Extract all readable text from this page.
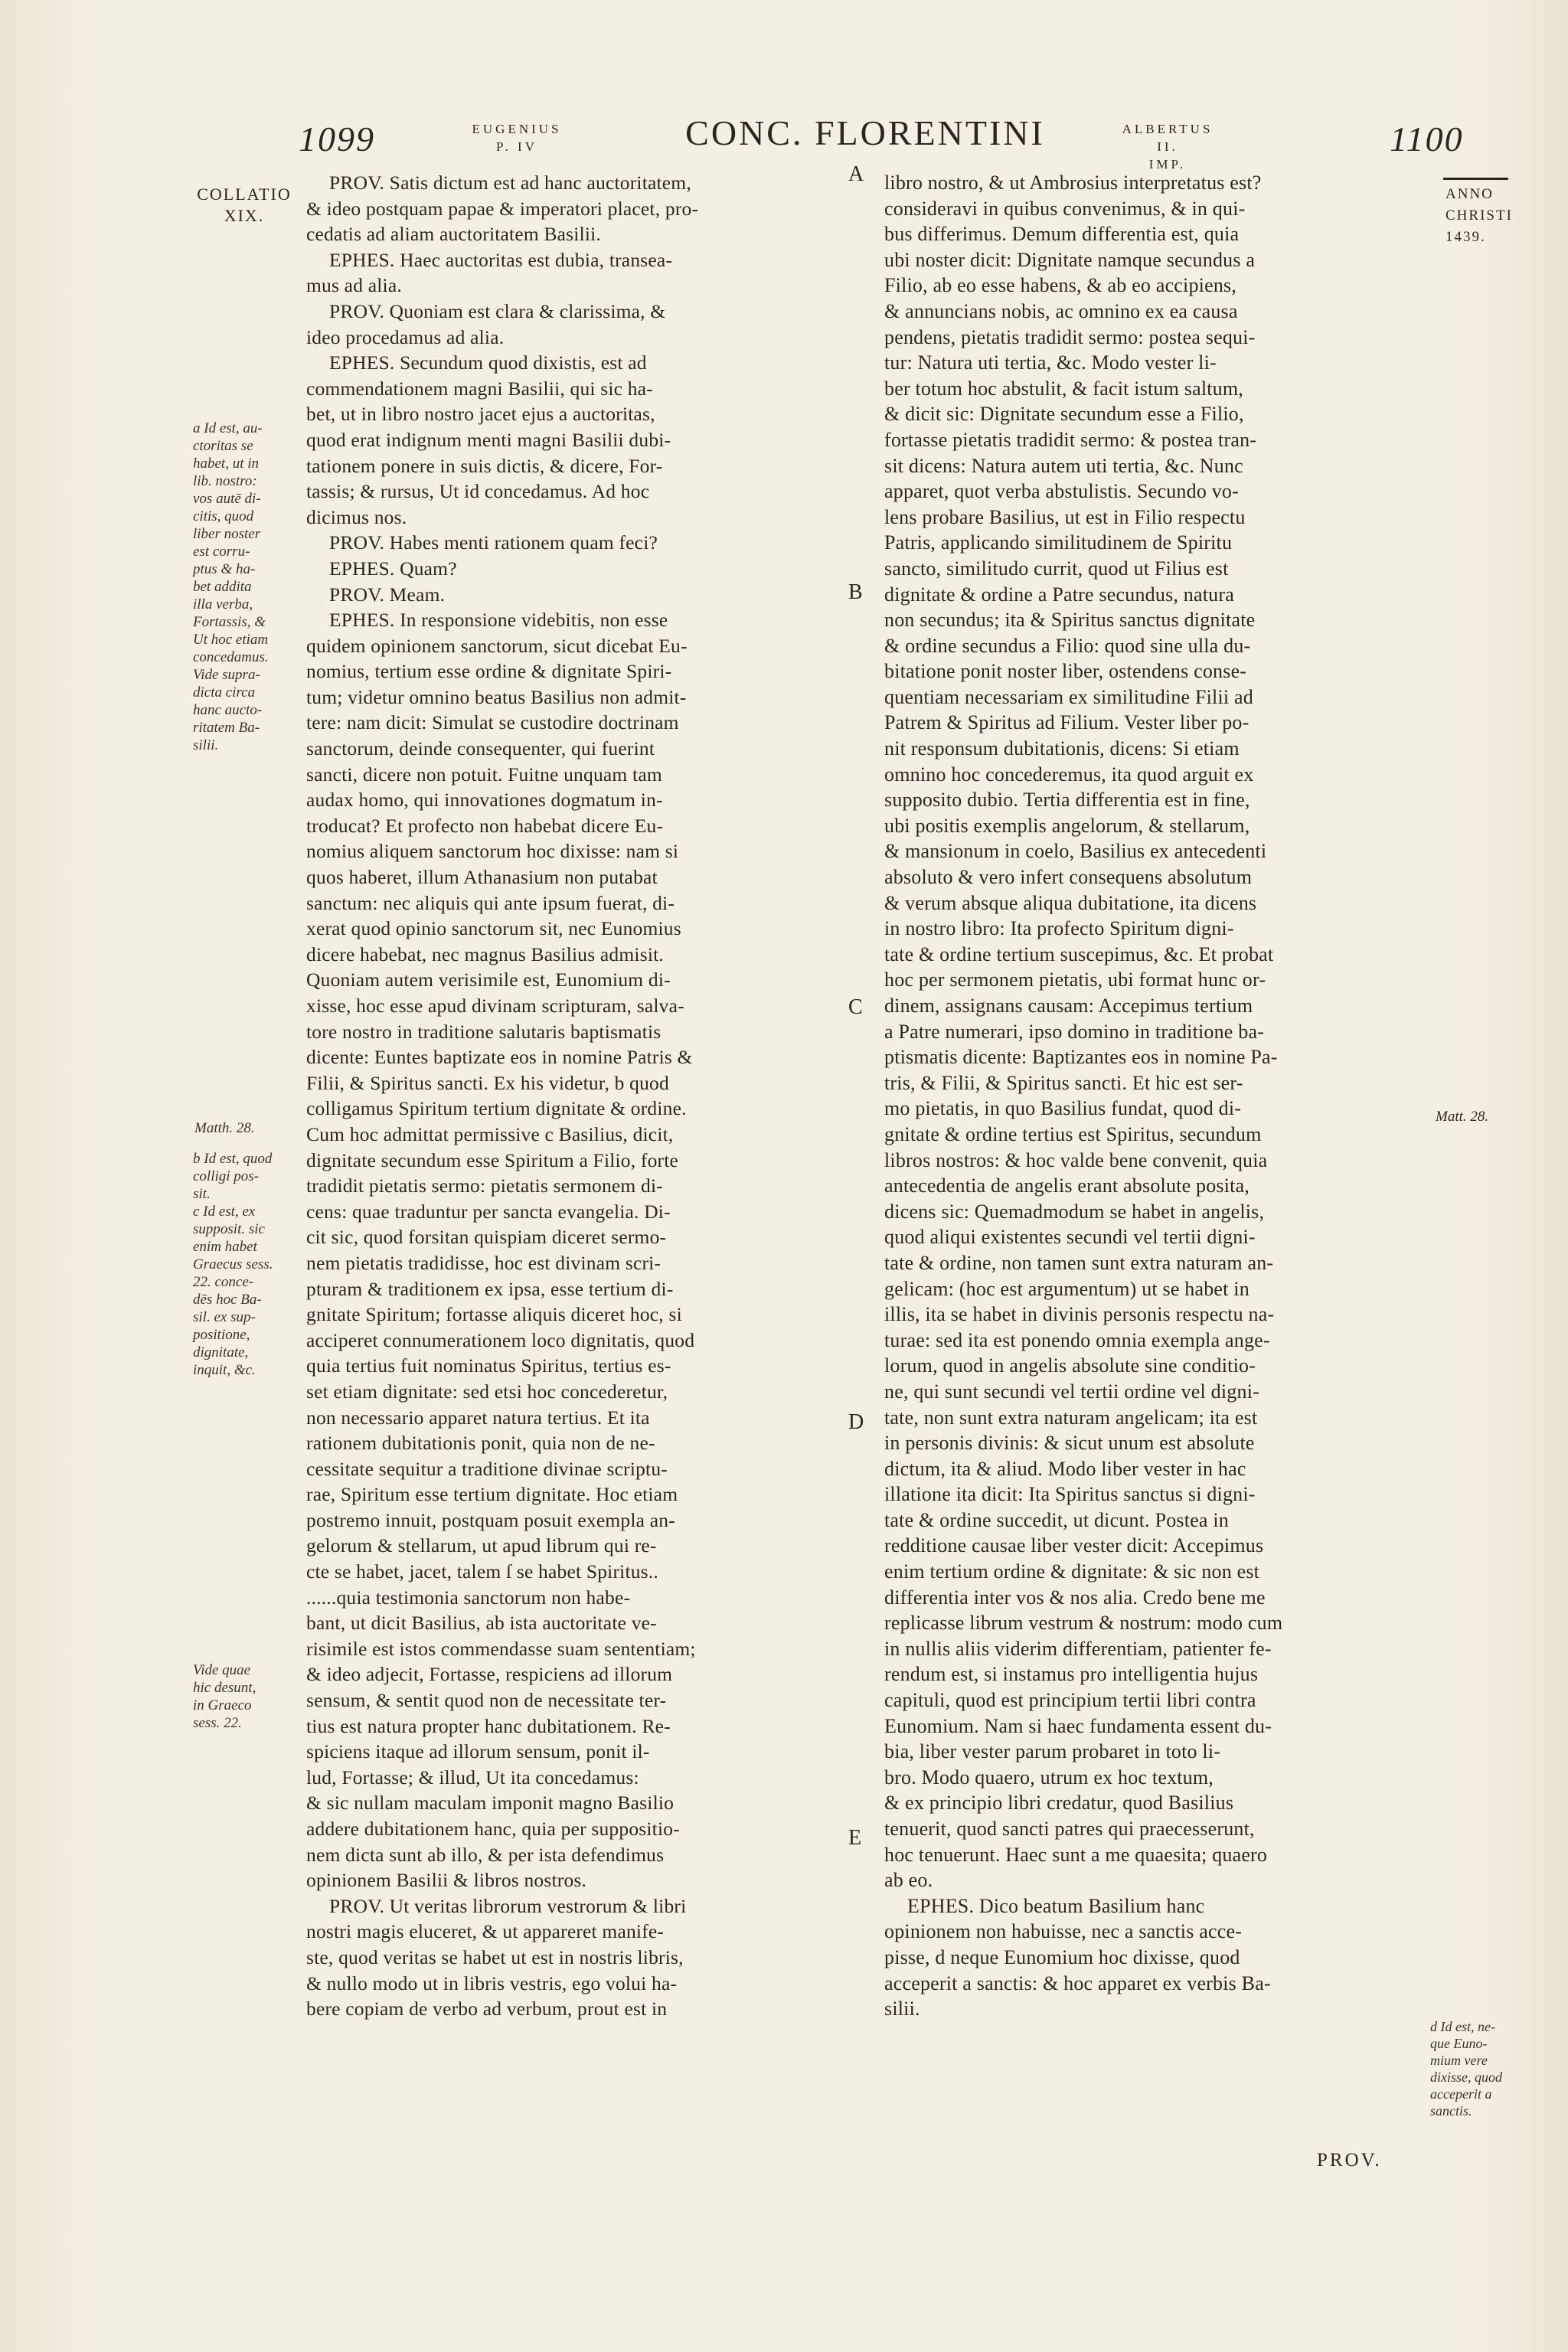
1099	EUGENIUS
P. IV	CONC. FLORENTINI	ALBERTUS II.
IMP.
1100
ANNO
CHRISTI
1439.
COLLATIO
XIX.
a Id est, au-
ctoritas se
habet, ut in
lib. nostro:
vos autē di-
citis, quod
liber noster
est corru-
ptus & ha-
bet addita
illa verba,
Fortassis, &
Ut hoc etiam
concedamus.
Vide supra-
dicta circa
hanc aucto-
ritatem Ba-
silii.
Matth. 28.
b Id est, quod
colligi pos-
sit.
c Id est, ex
supposit. sic
enim habet
Graecus sess.
22. conce-
dēs hoc Ba-
sil. ex sup-
positione,
dignitate,
inquit, &c.
Vide quae
hic desunt,
in Graeco
sess. 22.
Matt. 28.
d Id est, ne-
que Euno-
mium vere
dixisse, quod
acceperit a
sanctis.
A
B
C
D
E
PROV. Satis dictum est ad hanc auctoritatem,
& ideo postquam papae & imperatori placet, pro-
cedatis ad aliam auctoritatem Basilii.
EPHES. Haec auctoritas est dubia, transea-
mus ad alia.
PROV. Quoniam est clara & clarissima, &
ideo procedamus ad alia.
EPHES. Secundum quod dixistis, est ad
commendationem magni Basilii, qui sic ha-
bet, ut in libro nostro jacet ejus a auctoritas,
quod erat indignum menti magni Basilii dubi-
tationem ponere in suis dictis, & dicere, For-
tassis; & rursus, Ut id concedamus. Ad hoc
dicimus nos.
PROV. Habes menti rationem quam feci?
EPHES. Quam?
PROV. Meam.
EPHES. In responsione videbitis, non esse
quidem opinionem sanctorum, sicut dicebat Eu-
nomius, tertium esse ordine & dignitate Spiri-
tum; videtur omnino beatus Basilius non admit-
tere: nam dicit: Simulat se custodire doctrinam
sanctorum, deinde consequenter, qui fuerint
sancti, dicere non potuit. Fuitne unquam tam
audax homo, qui innovationes dogmatum in-
troducat? Et profecto non habebat dicere Eu-
nomius aliquem sanctorum hoc dixisse: nam si
quos haberet, illum Athanasium non putabat
sanctum: nec aliquis qui ante ipsum fuerat, di-
xerat quod opinio sanctorum sit, nec Eunomius
dicere habebat, nec magnus Basilius admisit.
Quoniam autem verisimile est, Eunomium di-
xisse, hoc esse apud divinam scripturam, salva-
tore nostro in traditione salutaris baptismatis
dicente: Euntes baptizate eos in nomine Patris &
Filii, & Spiritus sancti. Ex his videtur, b quod
colligamus Spiritum tertium dignitate & ordine.
Cum hoc admittat permissive c Basilius, dicit,
dignitate secundum esse Spiritum a Filio, forte
tradidit pietatis sermo: pietatis sermonem di-
cens: quae traduntur per sancta evangelia. Di-
cit sic, quod forsitan quispiam diceret sermo-
nem pietatis tradidisse, hoc est divinam scri-
pturam & traditionem ex ipsa, esse tertium di-
gnitate Spiritum; fortasse aliquis diceret hoc, si
acciperet connumerationem loco dignitatis, quod
quia tertius fuit nominatus Spiritus, tertius es-
set etiam dignitate: sed etsi hoc concederetur,
non necessario apparet natura tertius. Et ita
rationem dubitationis ponit, quia non de ne-
cessitate sequitur a traditione divinae scriptu-
rae, Spiritum esse tertium dignitate. Hoc etiam
postremo innuit, postquam posuit exempla an-
gelorum & stellarum, ut apud librum qui re-
cte se habet, jacet, talem ſ se habet Spiritus..
......quia testimonia sanctorum non habe-
bant, ut dicit Basilius, ab ista auctoritate ve-
risimile est istos commendasse suam sententiam;
& ideo adjecit, Fortasse, respiciens ad illorum
sensum, & sentit quod non de necessitate ter-
tius est natura propter hanc dubitationem. Re-
spiciens itaque ad illorum sensum, ponit il-
lud, Fortasse; & illud, Ut ita concedamus:
& sic nullam maculam imponit magno Basilio
addere dubitationem hanc, quia per suppositio-
nem dicta sunt ab illo, & per ista defendimus
opinionem Basilii & libros nostros.
PROV. Ut veritas librorum vestrorum & libri
nostri magis eluceret, & ut appareret manife-
ste, quod veritas se habet ut est in nostris libris,
& nullo modo ut in libris vestris, ego volui ha-
bere copiam de verbo ad verbum, prout est in
libro nostro, & ut Ambrosius interpretatus est?
consideravi in quibus convenimus, & in qui-
bus differimus. Demum differentia est, quia
ubi noster dicit: Dignitate namque secundus a
Filio, ab eo esse habens, & ab eo accipiens,
& annuncians nobis, ac omnino ex ea causa
pendens, pietatis tradidit sermo: postea sequi-
tur: Natura uti tertia, &c. Modo vester li-
ber totum hoc abstulit, & facit istum saltum,
& dicit sic: Dignitate secundum esse a Filio,
fortasse pietatis tradidit sermo: & postea tran-
sit dicens: Natura autem uti tertia, &c. Nunc
apparet, quot verba abstulistis. Secundo vo-
lens probare Basilius, ut est in Filio respectu
Patris, applicando similitudinem de Spiritu
sancto, similitudo currit, quod ut Filius est
dignitate & ordine a Patre secundus, natura
non secundus; ita & Spiritus sanctus dignitate
& ordine secundus a Filio: quod sine ulla du-
bitatione ponit noster liber, ostendens conse-
quentiam necessariam ex similitudine Filii ad
Patrem & Spiritus ad Filium. Vester liber po-
nit responsum dubitationis, dicens: Si etiam
omnino hoc concederemus, ita quod arguit ex
supposito dubio. Tertia differentia est in fine,
ubi positis exemplis angelorum, & stellarum,
& mansionum in coelo, Basilius ex antecedenti
absoluto & vero infert consequens absolutum
& verum absque aliqua dubitatione, ita dicens
in nostro libro: Ita profecto Spiritum digni-
tate & ordine tertium suscepimus, &c. Et probat
hoc per sermonem pietatis, ubi format hunc or-
dinem, assignans causam: Accepimus tertium
a Patre numerari, ipso domino in traditione ba-
ptismatis dicente: Baptizantes eos in nomine Pa-
tris, & Filii, & Spiritus sancti. Et hic est ser-
mo pietatis, in quo Basilius fundat, quod di-
gnitate & ordine tertius est Spiritus, secundum
libros nostros: & hoc valde bene convenit, quia
antecedentia de angelis erant absolute posita,
dicens sic: Quemadmodum se habet in angelis,
quod aliqui existentes secundi vel tertii digni-
tate & ordine, non tamen sunt extra naturam an-
gelicam: (hoc est argumentum) ut se habet in
illis, ita se habet in divinis personis respectu na-
turae: sed ita est ponendo omnia exempla ange-
lorum, quod in angelis absolute sine conditio-
ne, qui sunt secundi vel tertii ordine vel digni-
tate, non sunt extra naturam angelicam; ita est
in personis divinis: & sicut unum est absolute
dictum, ita & aliud. Modo liber vester in hac
illatione ita dicit: Ita Spiritus sanctus si digni-
tate & ordine succedit, ut dicunt. Postea in
redditione causae liber vester dicit: Accepimus
enim tertium ordine & dignitate: & sic non est
differentia inter vos & nos alia. Credo bene me
replicasse librum vestrum & nostrum: modo cum
in nullis aliis viderim differentiam, patienter fe-
rendum est, si instamus pro intelligentia hujus
capituli, quod est principium tertii libri contra
Eunomium. Nam si haec fundamenta essent du-
bia, liber vester parum probaret in toto li-
bro. Modo quaero, utrum ex hoc textum,
& ex principio libri credatur, quod Basilius
tenuerit, quod sancti patres qui praecesserunt,
hoc tenuerunt. Haec sunt a me quaesita; quaero
ab eo.
EPHES. Dico beatum Basilium hanc
opinionem non habuisse, nec a sanctis acce-
pisse, d neque Eunomium hoc dixisse, quod
acceperit a sanctis: & hoc apparet ex verbis Ba-
silii.
PROV.
